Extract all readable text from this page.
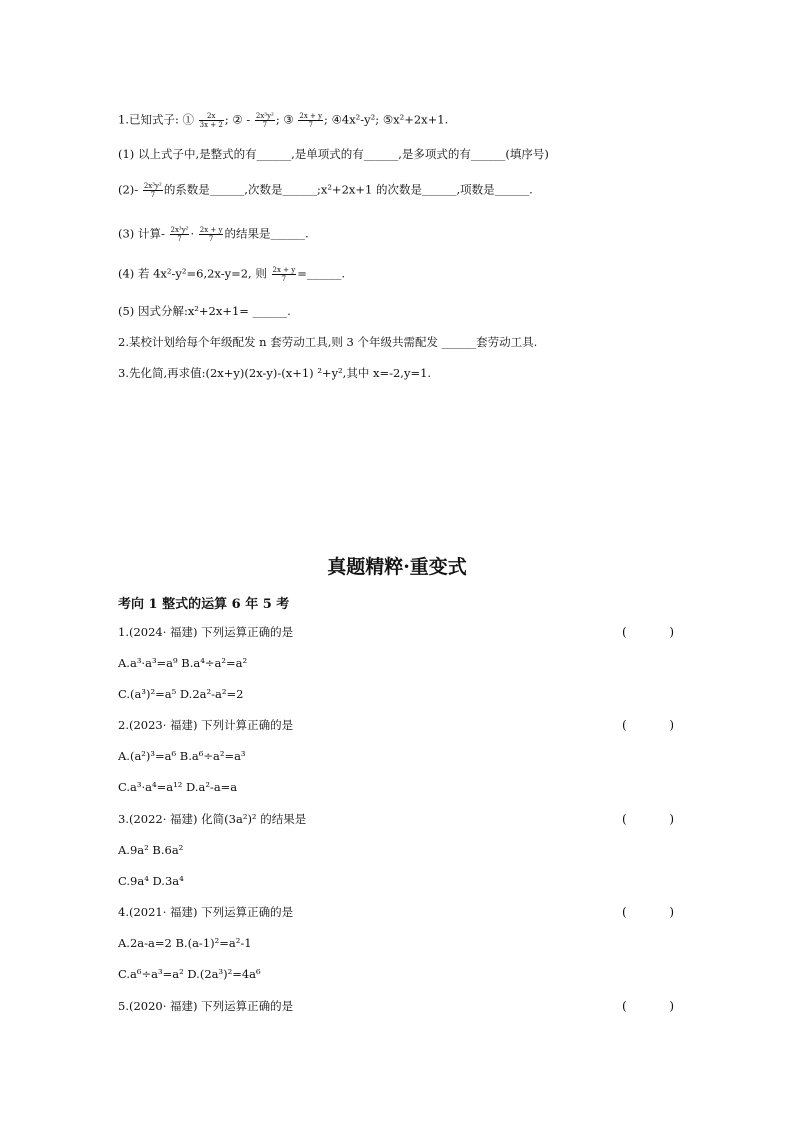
1.已知式子: ① $\frac{2x}{3x + 2}$ ; ② - $\frac{\text{2x³y²}}{7}$ ; ③ $\frac{2x + y}{7}$ ; ④4x²-y²; ⑤x²+2x+1.
(1) 以上式子中,是整式的有______,是单项式的有______,是多项式的有______(填序号)
$(2)- \frac{\text{2x³y²}}{7}$ 的系数是______,次数是______;x²+2x+1 的次数是______,项数是______.
(3) 计算- $\frac{\text{2x³y²}}{7} \cdot \frac{2x + y}{7}$ 的结果是______.
(4) 若 4x²-y²=6,2x-y=2, 则 $\frac{2x + y}{7}$ =______.
(5) 因式分解:x²+2x+1= ______.
2.某校计划给每个年级配发 n 套劳动工具,则 3 个年级共需配发 ______套劳动工具.
3.先化简,再求值:(2x+y)(2x-y)-(x+1) ²+y²,其中 x=-2,y=1.
真题精粹·重变式
考向 1 整式的运算 6 年 5 考
1.(2024· 福建) 下列运算正确的是	(	)
A.a³·a³=a⁹ B.a⁴÷a²=a²
C.(a³)²=a⁵ D.2a²-a²=2
2.(2023· 福建) 下列计算正确的是	(	)
A.(a²)³=a⁶ B.a⁶÷a²=a³
C.a³·a⁴=a¹² D.a²-a=a
3.(2022· 福建) 化简(3a²)² 的结果是	(	)
A.9a² B.6a²
C.9a⁴ D.3a⁴
4.(2021· 福建) 下列运算正确的是	(	)
A.2a-a=2 B.(a-1)²=a²-1
C.a⁶÷a³=a² D.(2a³)²=4a⁶
5.(2020· 福建) 下列运算正确的是	(	)
